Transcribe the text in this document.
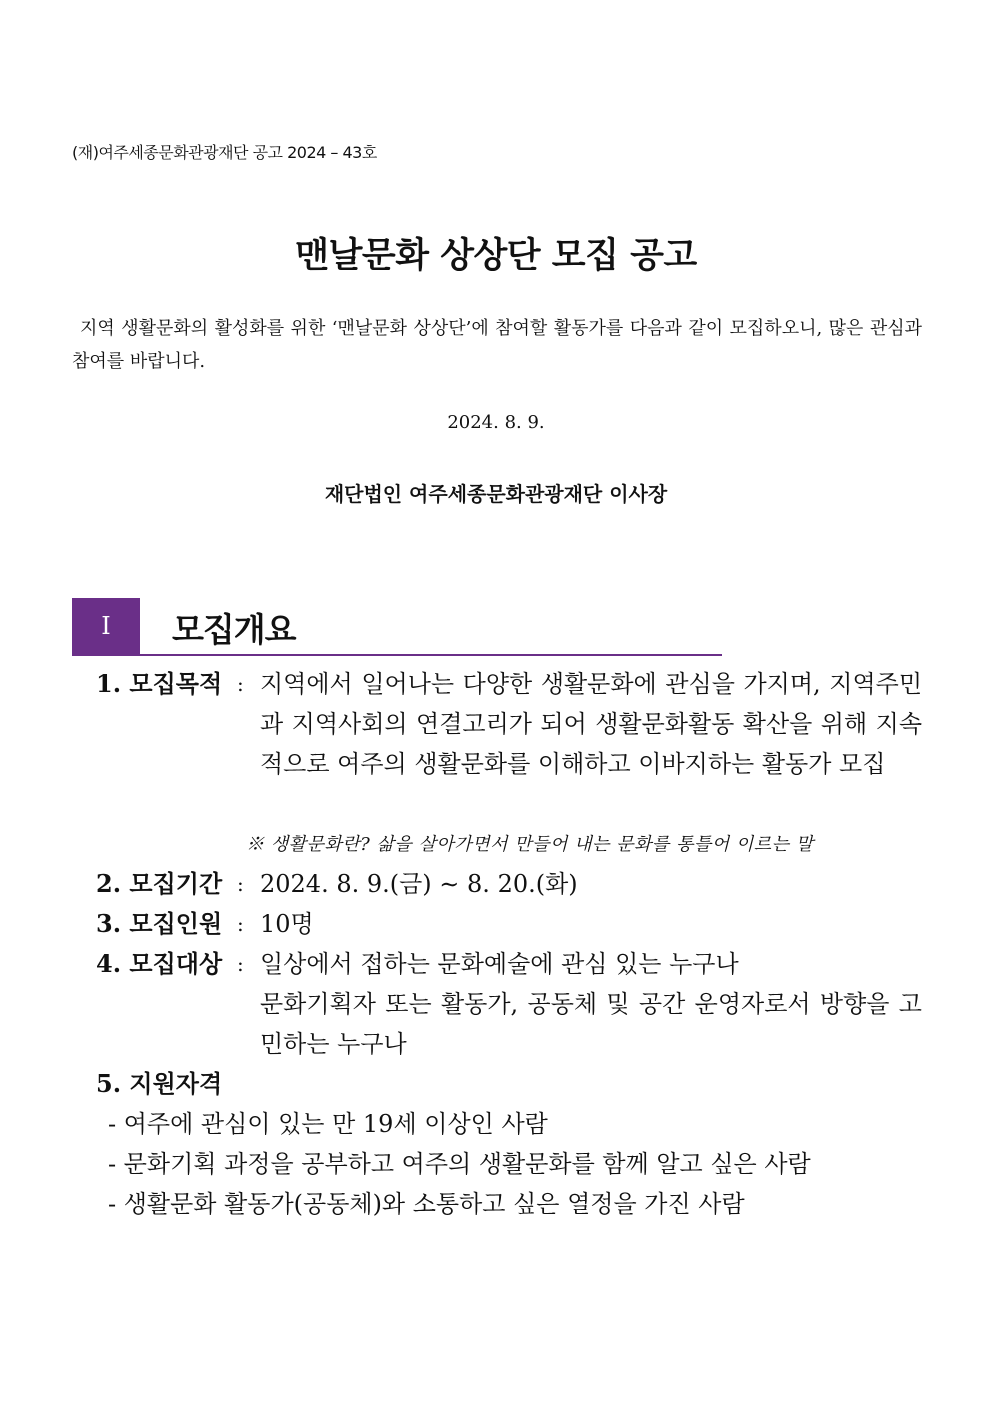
(재)여주세종문화관광재단 공고 2024 – 43호
맨날문화 상상단 모집 공고
지역 생활문화의 활성화를 위한 ‘맨날문화 상상단’에 참여할 활동가를 다음과 같이 모집하오니, 많은 관심과 참여를 바랍니다.
2024. 8. 9.
재단법인 여주세종문화관광재단 이사장
Ⅰ	모집개요
1. 모집목적 : 지역에서 일어나는 다양한 생활문화에 관심을 가지며, 지역주민과 지역사회의 연결고리가 되어 생활문화활동 확산을 위해 지속적으로 여주의 생활문화를 이해하고 이바지하는 활동가 모집
※ 생활문화란? 삶을 살아가면서 만들어 내는 문화를 통틀어 이르는 말
2. 모집기간 : 2024. 8. 9.(금) ∼ 8. 20.(화)
3. 모집인원 : 10명
4. 모집대상 : 일상에서 접하는 문화예술에 관심 있는 누구나
문화기획자 또는 활동가, 공동체 및 공간 운영자로서 방향을 고민하는 누구나
5. 지원자격
- 여주에 관심이 있는 만 19세 이상인 사람
- 문화기획 과정을 공부하고 여주의 생활문화를 함께 알고 싶은 사람
- 생활문화 활동가(공동체)와 소통하고 싶은 열정을 가진 사람
